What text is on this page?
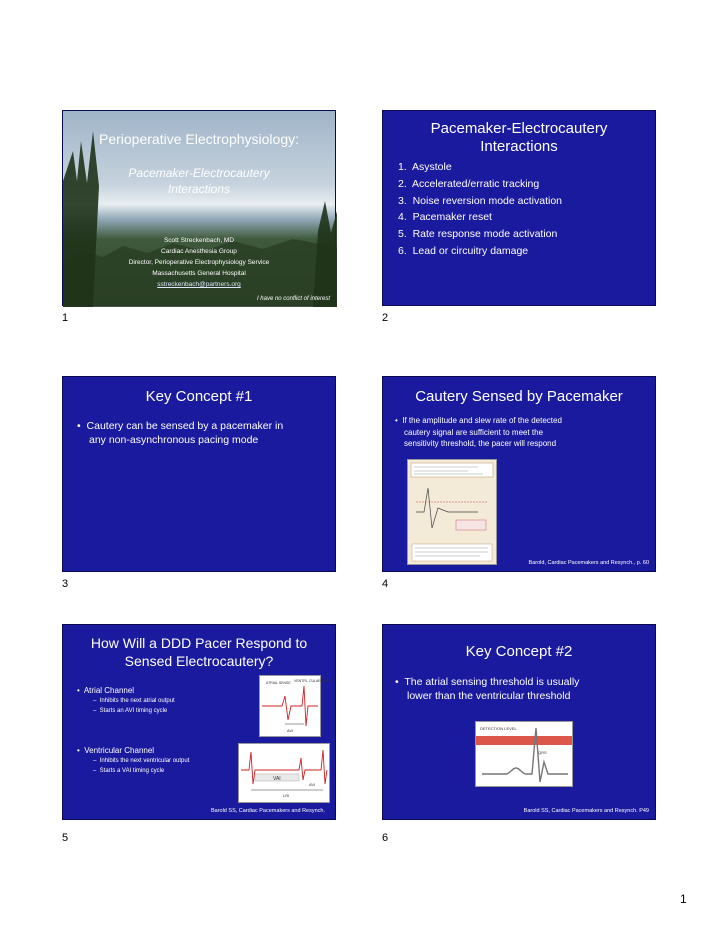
Perioperative Electrophysiology:
Pacemaker-Electrocautery
Interactions
Scott Streckenbach, MD
Cardiac Anesthesia Group
Director, Perioperative Electrophysiology Service
Massachusetts General Hospital
sstreckenbach@partners.org
I have no conflict of interest
1
Pacemaker-Electrocautery
Interactions
1.  Asystole
2.  Accelerated/erratic tracking
3.  Noise reversion mode activation
4.  Pacemaker reset
5.  Rate response mode activation
6.  Lead or circuitry damage
2
Key Concept #1
•  Cautery can be sensed by a pacemaker in
any non-asynchronous pacing mode
3
Cautery Sensed by Pacemaker
•  If the amplitude and slew rate of the detected
cautery signal are sufficient to meet the
sensitivity threshold, the pacer will respond
Barold, Cardiac Pacemakers and Resynch., p. 60
4
How Will a DDD Pacer Respond to
Sensed Electrocautery?
•  Atrial Channel
–  Inhibits the next atrial output
–  Starts an AVI timing cycle
•  Ventricular Channel
–  Inhibits the next ventricular output
–  Starts a VAI timing cycle
ATRIAL SENSE VENTRI- CULAR PACE
AVI
VAI
AVI
LRI
Barold SS, Cardiac Pacemakers and Resynch.
5
Key Concept #2
•  The atrial sensing threshold is usually
lower than the ventricular threshold
DETECTION LEVEL
QRS
Barold SS, Cardiac Pacemakers and Resynch. P49
6
1
